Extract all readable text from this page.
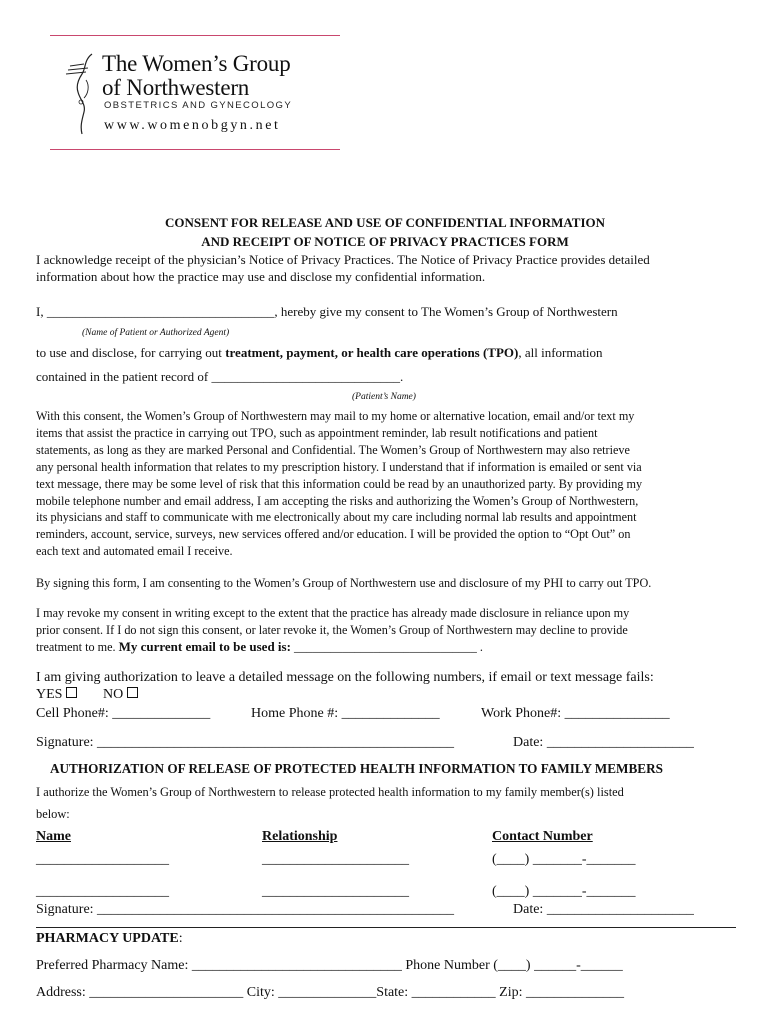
The Women’s Group
of Northwestern
OBSTETRICS AND GYNECOLOGY
www.womenobgyn.net
CONSENT FOR RELEASE AND USE OF CONFIDENTIAL INFORMATION
AND RECEIPT OF NOTICE OF PRIVACY PRACTICES FORM
I acknowledge receipt of the physician’s Notice of Privacy Practices. The Notice of Privacy Practice provides detailed
information about how the practice may use and disclose my confidential information.
I, ___________________________________, hereby give my consent to The Women’s Group of Northwestern
(Name of Patient or Authorized Agent)
to use and disclose, for carrying out treatment, payment, or health care operations (TPO), all information
contained in the patient record of _____________________________.
(Patient’s Name)
With this consent, the Women’s Group of Northwestern may mail to my home or alternative location, email and/or text my
items that assist the practice in carrying out TPO, such as appointment reminder, lab result notifications and patient
statements, as long as they are marked Personal and Confidential. The Women’s Group of Northwestern may also retrieve
any personal health information that relates to my prescription history. I understand that if information is emailed or sent via
text message, there may be some level of risk that this information could be read by an unauthorized party. By providing my
mobile telephone number and email address, I am accepting the risks and authorizing the Women’s Group of Northwestern,
its physicians and staff to communicate with me electronically about my care including normal lab results and appointment
reminders, account, service, surveys, new services offered and/or education. I will be provided the option to “Opt Out” on
each text and automated email I receive.
By signing this form, I am consenting to the Women’s Group of Northwestern use and disclosure of my PHI to carry out TPO.
I may revoke my consent in writing except to the extent that the practice has already made disclosure in reliance upon my
prior consent. If I do not sign this consent, or later revoke it, the Women’s Group of Northwestern may decline to provide
treatment to me. My current email to be used is: ______________________________ .
I am giving authorization to leave a detailed message on the following numbers, if email or text message fails:
YES	NO
Cell Phone#: ______________	Home Phone #: ______________	Work Phone#: _______________
Signature: ___________________________________________________	Date: _____________________
AUTHORIZATION OF RELEASE OF PROTECTED HEALTH INFORMATION TO FAMILY MEMBERS
I authorize the Women’s Group of Northwestern to release protected health information to my family member(s) listed
below:
Name	Relationship	Contact Number
___________________	_____________________	(____) _______-_______
___________________	_____________________	(____) _______-_______
Signature: ___________________________________________________	Date: _____________________
PHARMACY UPDATE:
Preferred Pharmacy Name: ______________________________ Phone Number (____) ______-______
Address: ______________________ City: ______________State: ____________ Zip: ______________
